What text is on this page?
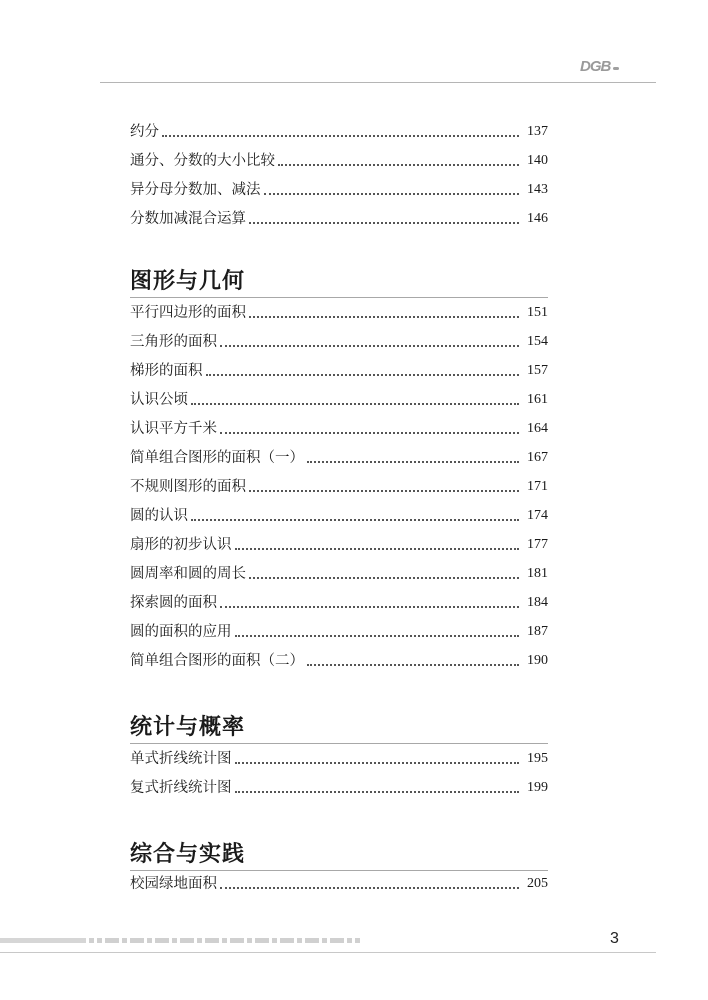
DGB
约分	137
通分、分数的大小比较	140
异分母分数加、减法	143
分数加减混合运算	146
图形与几何
平行四边形的面积	151
三角形的面积	154
梯形的面积	157
认识公顷	161
认识平方千米	164
简单组合图形的面积（一）	167
不规则图形的面积	171
圆的认识	174
扇形的初步认识	177
圆周率和圆的周长	181
探索圆的面积	184
圆的面积的应用	187
简单组合图形的面积（二）	190
统计与概率
单式折线统计图	195
复式折线统计图	199
综合与实践
校园绿地面积	205
3
